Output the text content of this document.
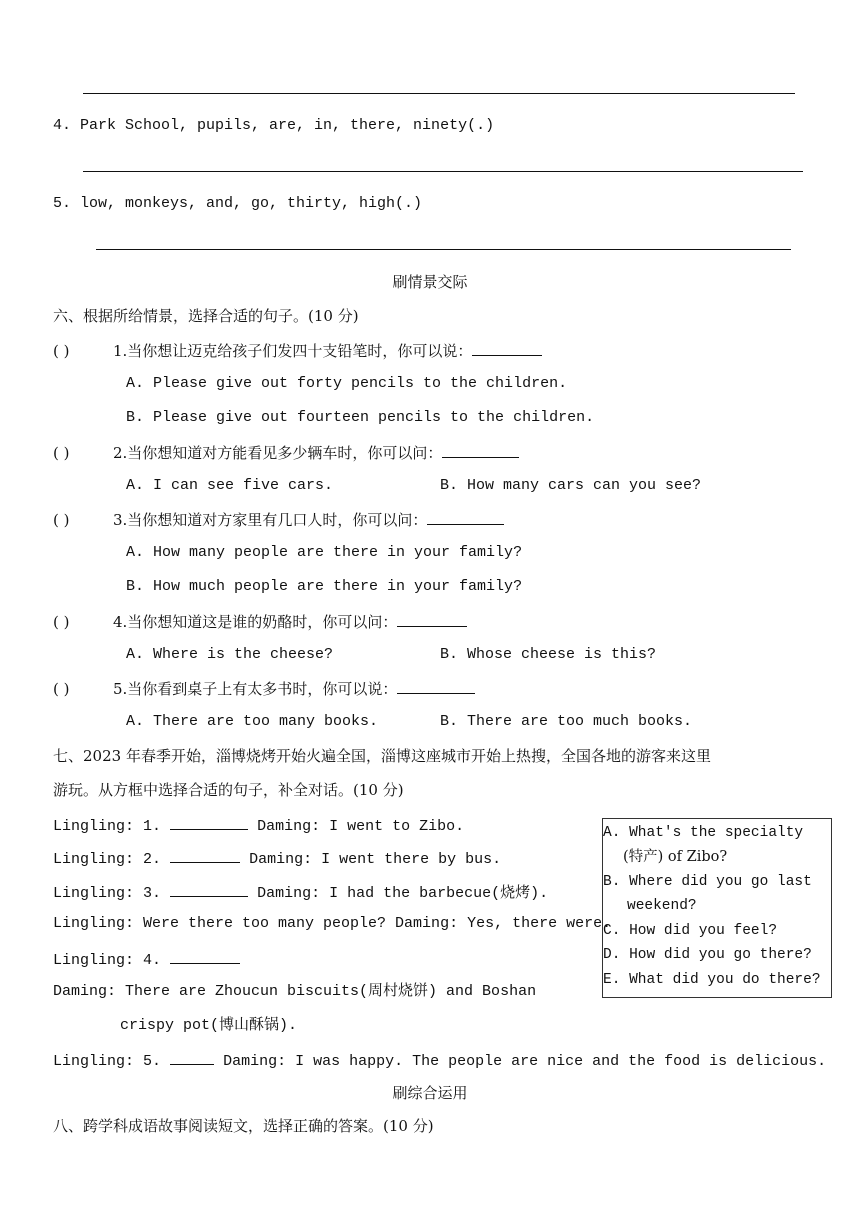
4. Park School, pupils, are, in, there, ninety(.)
5. low, monkeys, and, go, thirty, high(.)
刷情景交际
六、根据所给情景，选择合适的句子。(10 分)
( )	1.当你想让迈克给孩子们发四十支铅笔时，你可以说：
A. Please give out forty pencils to the children.
B. Please give out fourteen pencils to the children.
( )	2.当你想知道对方能看见多少辆车时，你可以问：
A. I can see five cars.	B. How many cars can you see?
( )	3.当你想知道对方家里有几口人时，你可以问：
A. How many people are there in your family?
B. How much people are there in your family?
( )	4.当你想知道这是谁的奶酪时，你可以问：
A. Where is the cheese?	B. Whose cheese is this?
( )	5.当你看到桌子上有太多书时，你可以说：
A. There are too many books.	B. There are too much books.
七、2023 年春季开始，淄博烧烤开始火遍全国，淄博这座城市开始上热搜，全国各地的游客来这里
游玩。从方框中选择合适的句子，补全对话。(10 分)
Lingling: 1.	Daming: I went to Zibo.
Lingling: 2.	Daming: I went there by bus.
Lingling: 3.	Daming: I had the barbecue(烧烤).
Lingling: Were there too many people? Daming: Yes, there were.
Lingling: 4.
Daming: There are Zhoucun biscuits(周村烧饼) and Boshan
crispy pot(博山酥锅).
Lingling: 5.	Daming: I was happy. The people are nice and the food is delicious.
A. What's the specialty
(特产) of Zibo?
B. Where did you go last
weekend?
C. How did you feel?
D. How did you go there?
E. What did you do there?
刷综合运用
八、跨学科成语故事阅读短文，选择正确的答案。(10 分)
